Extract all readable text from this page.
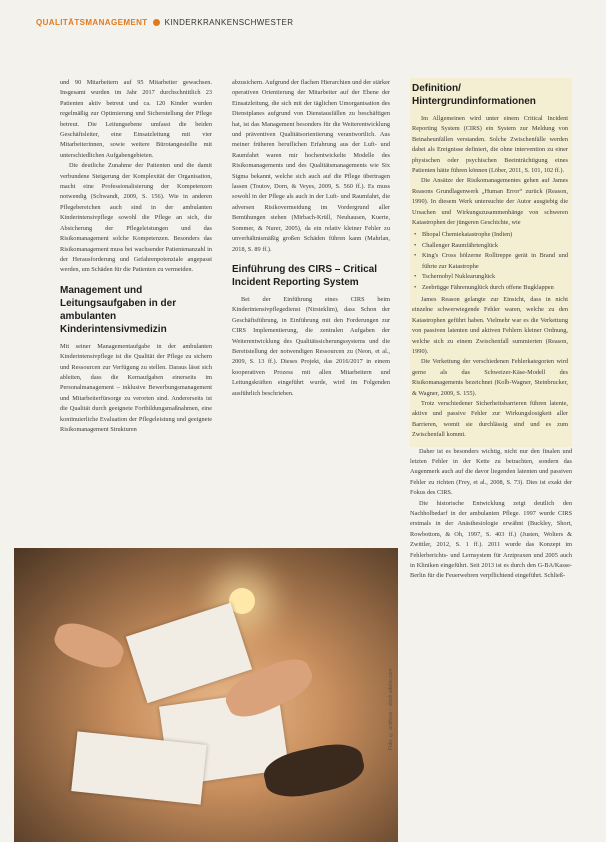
QUALITÄTSMANAGEMENT KINDERKRANKENSCHWESTER

und 90 Mitarbeitern auf 95 Mitarbeiter gewachsen. Insgesamt wurden im Jahr 2017 durchschnittlich 23 Patienten aktiv betreut und ca. 120 Kinder wurden regelmäßig zur Optimierung und Sicherstellung der Pflege betreut. Die Leitungsebene umfasst die beiden Geschäftsleiter, eine Einsatzleitung mit vier Mitarbeiterinnen, sowie weitere Bürotangestellte mit unterschiedlichen Aufgabengebieten.

Die deutliche Zunahme der Patienten und die damit verbundene Steigerung der Komplexität der Organisation, macht eine Professionalisierung der Kompetenzen notwendig (Schwandt, 2009, S. 156). Wie in anderen Pflegebereichen auch sind in der ambulanten Kinderintensivpflege sowohl die Pflege an sich, die Absicherung der Pflegeleistungen und das Risikomanagement solche Kompetenzen. Besonders das Risikomanagement muss bei wachsender Patientenanzahl in der Herausforderung und Gefahrenpotenziale angepasst werden, um Schäden für die Patienten zu vermeiden.

Management und Leitungsaufgaben in der ambulanten Kinderintensivmedizin

Mit seiner Managementaufgabe in der ambulanten Kinderintensivpflege ist die Qualität der Pflege zu sichern und Ressourcen zur Verfügung zu stellen. Daraus lässt sich ableiten, dass die Kernaufgaben einerseits im Personalmanagement – inklusive Bewerbungsmanagement und Mitarbeiterfürsorge zu verorten sind. Andererseits ist die Qualität durch geeignete Fortbildungsmaßnahmen, eine kontinuierliche Evaluation der Pflegeleistung und geeignete Risikomanagement Strukturen

abzusichern. Aufgrund der flachen Hierarchien und der stärker operativen Orientierung der Mitarbeiter auf der Ebene der Einsatzleitung, die sich mit der täglichen Umorganisation des Dienstplanes aufgrund von Dienstausfällen zu beschäftigen hat, ist das Management besonders für die Weiterentwicklung und präventiven Qualitätsorientierung verantwortlich. Aus meiner früheren beruflichen Erfahrung aus der Luft- und Raumfahrt waren mir hochentwickelte Modelle des Risikomanagements und des Qualitätsmanagements wie Six Sigma bekannt, welche sich auch auf die Pflege übertragen lassen (Toutov, Dorn, & Veyes, 2009, S. 560 ff.). Es muss sowohl in der Pflege als auch in der Luft- und Raumfahrt, die adversen Risikovermeidung im Vordergrund aller Bemühungen stehen (Mirbach-Krüll, Neuhausen, Kuerte, Sommer, & Nurer, 2005), da ein relativ kleiner Fehler zu unverhältnismäßig großen Schäden führen kann (Mahrlan, 2018, S. 89 ff.).

Einführung des CIRS – Critical Incident Reporting System

Bei der Einführung eines CIRS beim Kinderintensivpflegedienst (Nirsteklim), dass Schon der Geschäftsführung, in Einführung mit den Forderungen zur CIRS Implementierung, die zentralen Aufgaben der Weiterentwicklung des Qualitätssicherungssystems und die Bereitstellung der notwendigen Ressourcen zu (Neon, et al., 2009, S. 13 ff.). Dieses Projekt, das 2016/2017 in einem kooperativen Prozess mit allen Mitarbeitern und Leitungskräften eingeführt wurde, wird im Folgenden ausführlich beschrieben.

Definition/ Hintergrundinformationen

Im Allgemeinen wird unter einem Critical Incident Reporting System (CIRS) ein System zur Meldung von Beinaheunfällen verstanden. Solche Zwischenfälle werden dabei als Ereignisse definiert, die ohne intervention zu einer physischen oder psychischen Beeinträchtigung eines Patienten hätte führen können (Löber, 2011, S. 101, 102 ff.).

Die Ansätze der Risikomanagementes gehen auf James Reasons Grundlagenwerk „Human Error“ zurück (Reason, 1990). In diesem Werk untersuchte der Autor ausgiebig die Ursachen und Wirkungszusammenhänge von schweren Katastrophen der jüngeren Geschichte, wie

• Bhopal Chemiekatastrophe (Indien)
• Challenger Raumfährtenglück
• King's Cross hölzerne Rolltreppe gerät in Brand und führte zur Katastrophe
• Tschernobyl Nuklearunglück
• Zeebrügge Fährenunglück durch offene Bugklappen

James Reason gelangte zur Einsicht, dass in nicht einzelne schwerwiegende Fehler waren, welche zu den Katastrophen geführt haben. Vielmehr war es die Verkettung von passiven latenten und aktiven Fehlern kleiner Ordnung, welche sich zu einem Zwischenfall summierten (Reason, 1990).

Die Verkettung der verschiedenen Fehlerkategorien wird gerne als das Schweizer-Käse-Modell des Risikomanagements bezeichnet (Kolb-Wagner, Steinbrucker, & Wagner, 2009, S. 155).

Trotz verschiedener Sicherheitsbarrieren führen latente, aktive und passive Fehler zur Wirkungslosigkeit aller Barrieren, womit sie durchlässig sind und es zum Zwischenfall kommt.

Daher ist es besonders wichtig, nicht nur den finalen und letzten Fehler in der Kette zu betrachten, sondern das Augenmerk auch auf die davor liegenden latenten und passiven Fehler zu richten (Frey, et al., 2008, S. 73). Dies ist exakt der Fokus des CIRS.

Die historische Entwicklung zeigt deutlich den Nachholbedarf in der ambulanten Pflege. 1997 wurde CIRS erstmals in der Anästhesiologie erwähnt (Buckley, Short, Rowbottom, & Oh, 1997, S. 403 ff.) (Justen, Wolters & Zwittler, 2012, S. 1 ff.). 2011 wurde das Konzept im Fehlerberichts- und Lernsystem für Arztpraxen und 2005 auch in Kliniken eingeführt. Seit 2013 ist es durch den G-BA/Kasse-Berlin für die Feuerwehren verpflichtend eingeführt. Schließ-

Foto: © andreas – stock.adobe.com
